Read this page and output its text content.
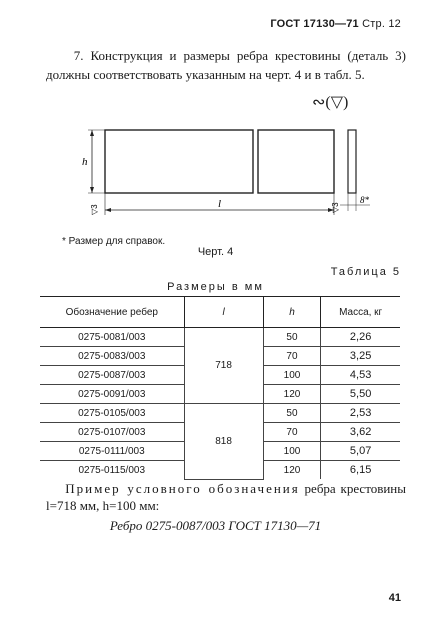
ГОСТ 17130—71 Стр. 12
7. Конструкция и размеры ребра крестовины (деталь 3) должны соответствовать указанным на черт. 4 и в табл. 5.
∾(▽)
h
l
▽3	▽3
8*
* Размер для справок.
Черт. 4
Таблица 5
Размеры в мм
Обозначение ребер	l	h	Масса, кг
0275-0081/003	718	50	2,26
0275-0083/003		70	3,25
0275-0087/003		100	4,53
0275-0091/003		120	5,50
0275-0105/003	818	50	2,53
0275-0107/003		70	3,62
0275-0111/003		100	5,07
0275-0115/003		120	6,15
Пример условного обозначения ребра крестовины l=718 мм, h=100 мм:
Ребро 0275-0087/003 ГОСТ 17130—71
41
